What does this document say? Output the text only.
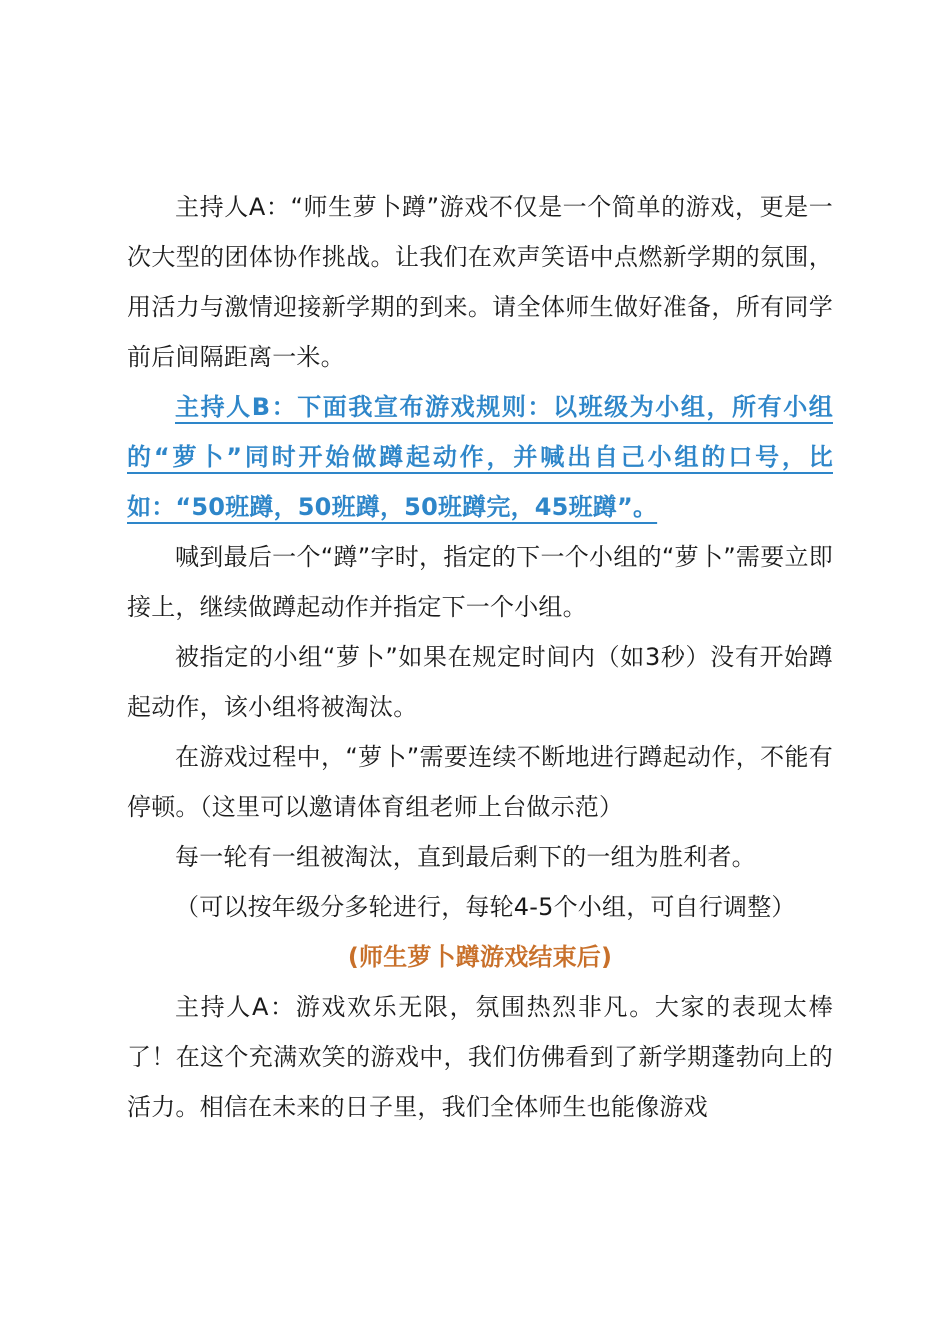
主持人A：“师生萝卜蹲”游戏不仅是一个简单的游戏，更是一次大型的团体协作挑战。让我们在欢声笑语中点燃新学期的氛围，用活力与激情迎接新学期的到来。请全体师生做好准备，所有同学前后间隔距离一米。

主持人B：下面我宣布游戏规则：以班级为小组，所有小组的“萝卜”同时开始做蹲起动作，并喊出自己小组的口号，比如：“50班蹲，50班蹲，50班蹲完，45班蹲”。

喊到最后一个“蹲”字时，指定的下一个小组的“萝卜”需要立即接上，继续做蹲起动作并指定下一个小组。

被指定的小组“萝卜”如果在规定时间内（如3秒）没有开始蹲起动作，该小组将被淘汰。

在游戏过程中，“萝卜”需要连续不断地进行蹲起动作，不能有停顿。（这里可以邀请体育组老师上台做示范）

每一轮有一组被淘汰，直到最后剩下的一组为胜利者。

（可以按年级分多轮进行，每轮4-5个小组，可自行调整）

(师生萝卜蹲游戏结束后)

主持人A：游戏欢乐无限，氛围热烈非凡。大家的表现太棒了！在这个充满欢笑的游戏中，我们仿佛看到了新学期蓬勃向上的活力。相信在未来的日子里，我们全体师生也能像游戏
